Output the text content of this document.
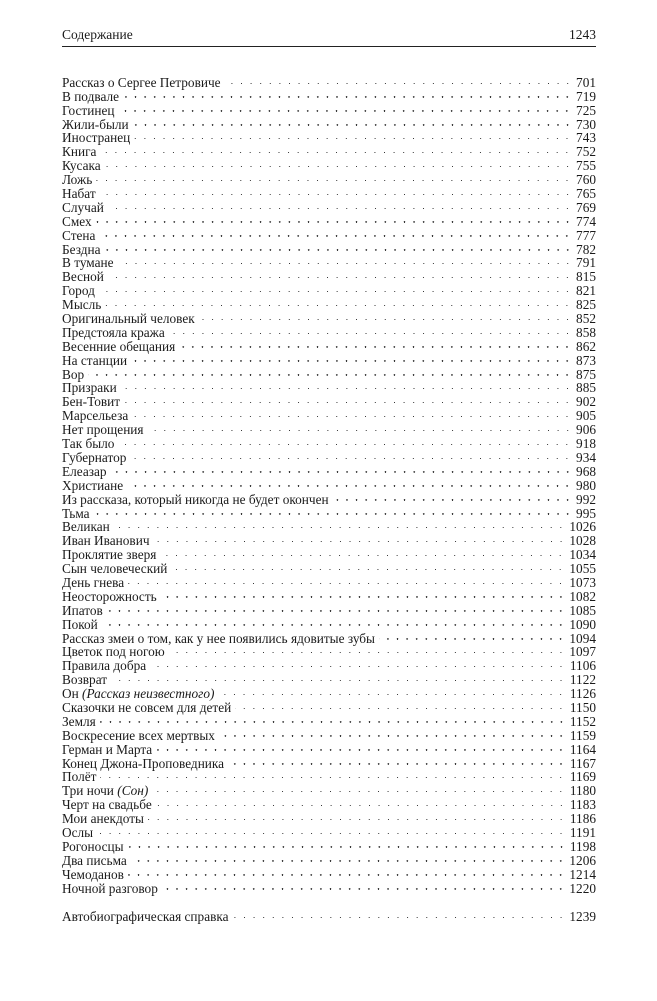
Содержание	1243
Рассказ о Сергее Петровиче	701
В подвале	719
Гостинец	725
Жили-были	730
Иностранец	743
Книга	752
Кусака	755
Ложь	760
Набат	765
Случай	769
Смех	774
Стена	777
Бездна	782
В тумане	791
Весной	815
Город	821
Мысль	825
Оригинальный человек	852
Предстояла кража	858
Весенние обещания	862
На станции	873
Вор	875
Призраки	885
Бен-Товит	902
Марсельеза	905
Нет прощения	906
Так было	918
Губернатор	934
Елеазар	968
Христиане	980
Из рассказа, который никогда не будет окончен	992
Тьма	995
Великан	1026
Иван Иванович	1028
Проклятие зверя	1034
Сын человеческий	1055
День гнева	1073
Неосторожность	1082
Ипатов	1085
Покой	1090
Рассказ змеи о том, как у нее появились ядовитые зубы	1094
Цветок под ногою	1097
Правила добра	1106
Возврат	1122
Он (Рассказ неизвестного)	1126
Сказочки не совсем для детей	1150
Земля	1152
Воскресение всех мертвых	1159
Герман и Марта	1164
Конец Джона-Проповедника	1167
Полёт	1169
Три ночи (Сон)	1180
Черт на свадьбе	1183
Мои анекдоты	1186
Ослы	1191
Рогоносцы	1198
Два письма	1206
Чемоданов	1214
Ночной разговор	1220
Автобиографическая справка	1239
